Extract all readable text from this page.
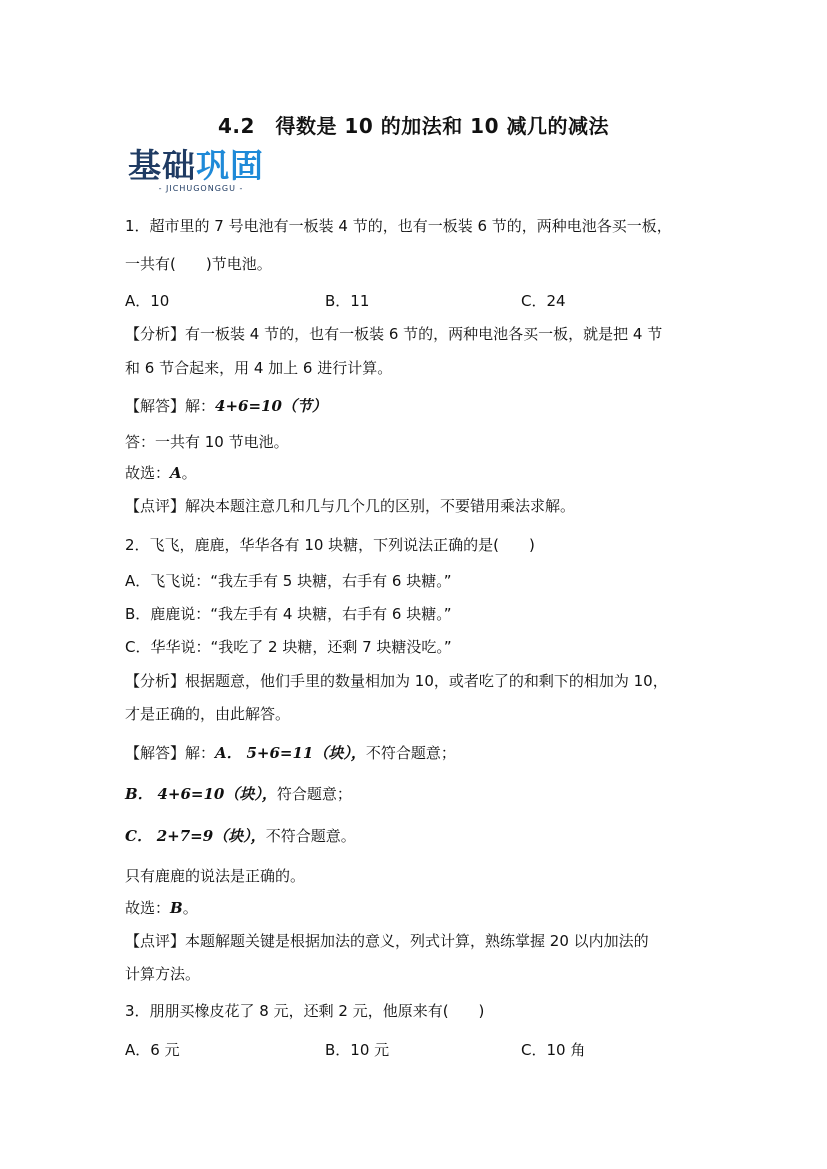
4.2　得数是 10 的加法和 10 减几的减法
基础巩固
- JICHUGONGGU -
1．超市里的 7 号电池有一板装 4 节的，也有一板装 6 节的，两种电池各买一板，
一共有(　　)节电池。
A．10	B．11	C．24
【分析】有一板装 4 节的，也有一板装 6 节的，两种电池各买一板，就是把 4 节
和 6 节合起来，用 4 加上 6 进行计算。
【解答】解：4+6=10（节）
答：一共有 10 节电池。
故选：A。
【点评】解决本题注意几和几与几个几的区别，不要错用乘法求解。
2．飞飞，鹿鹿，华华各有 10 块糖，下列说法正确的是(　　)
A．飞飞说：“我左手有 5 块糖，右手有 6 块糖。”
B．鹿鹿说：“我左手有 4 块糖，右手有 6 块糖。”
C．华华说：“我吃了 2 块糖，还剩 7 块糖没吃。”
【分析】根据题意，他们手里的数量相加为 10，或者吃了的和剩下的相加为 10，
才是正确的，由此解答。
【解答】解：A． 5+6=11（块），不符合题意；
B． 4+6=10（块），符合题意；
C． 2+7=9（块），不符合题意。
只有鹿鹿的说法是正确的。
故选：B。
【点评】本题解题关键是根据加法的意义，列式计算，熟练掌握 20 以内加法的
计算方法。
3．朋朋买橡皮花了 8 元，还剩 2 元，他原来有(　　)
A．6 元	B．10 元	C．10 角
